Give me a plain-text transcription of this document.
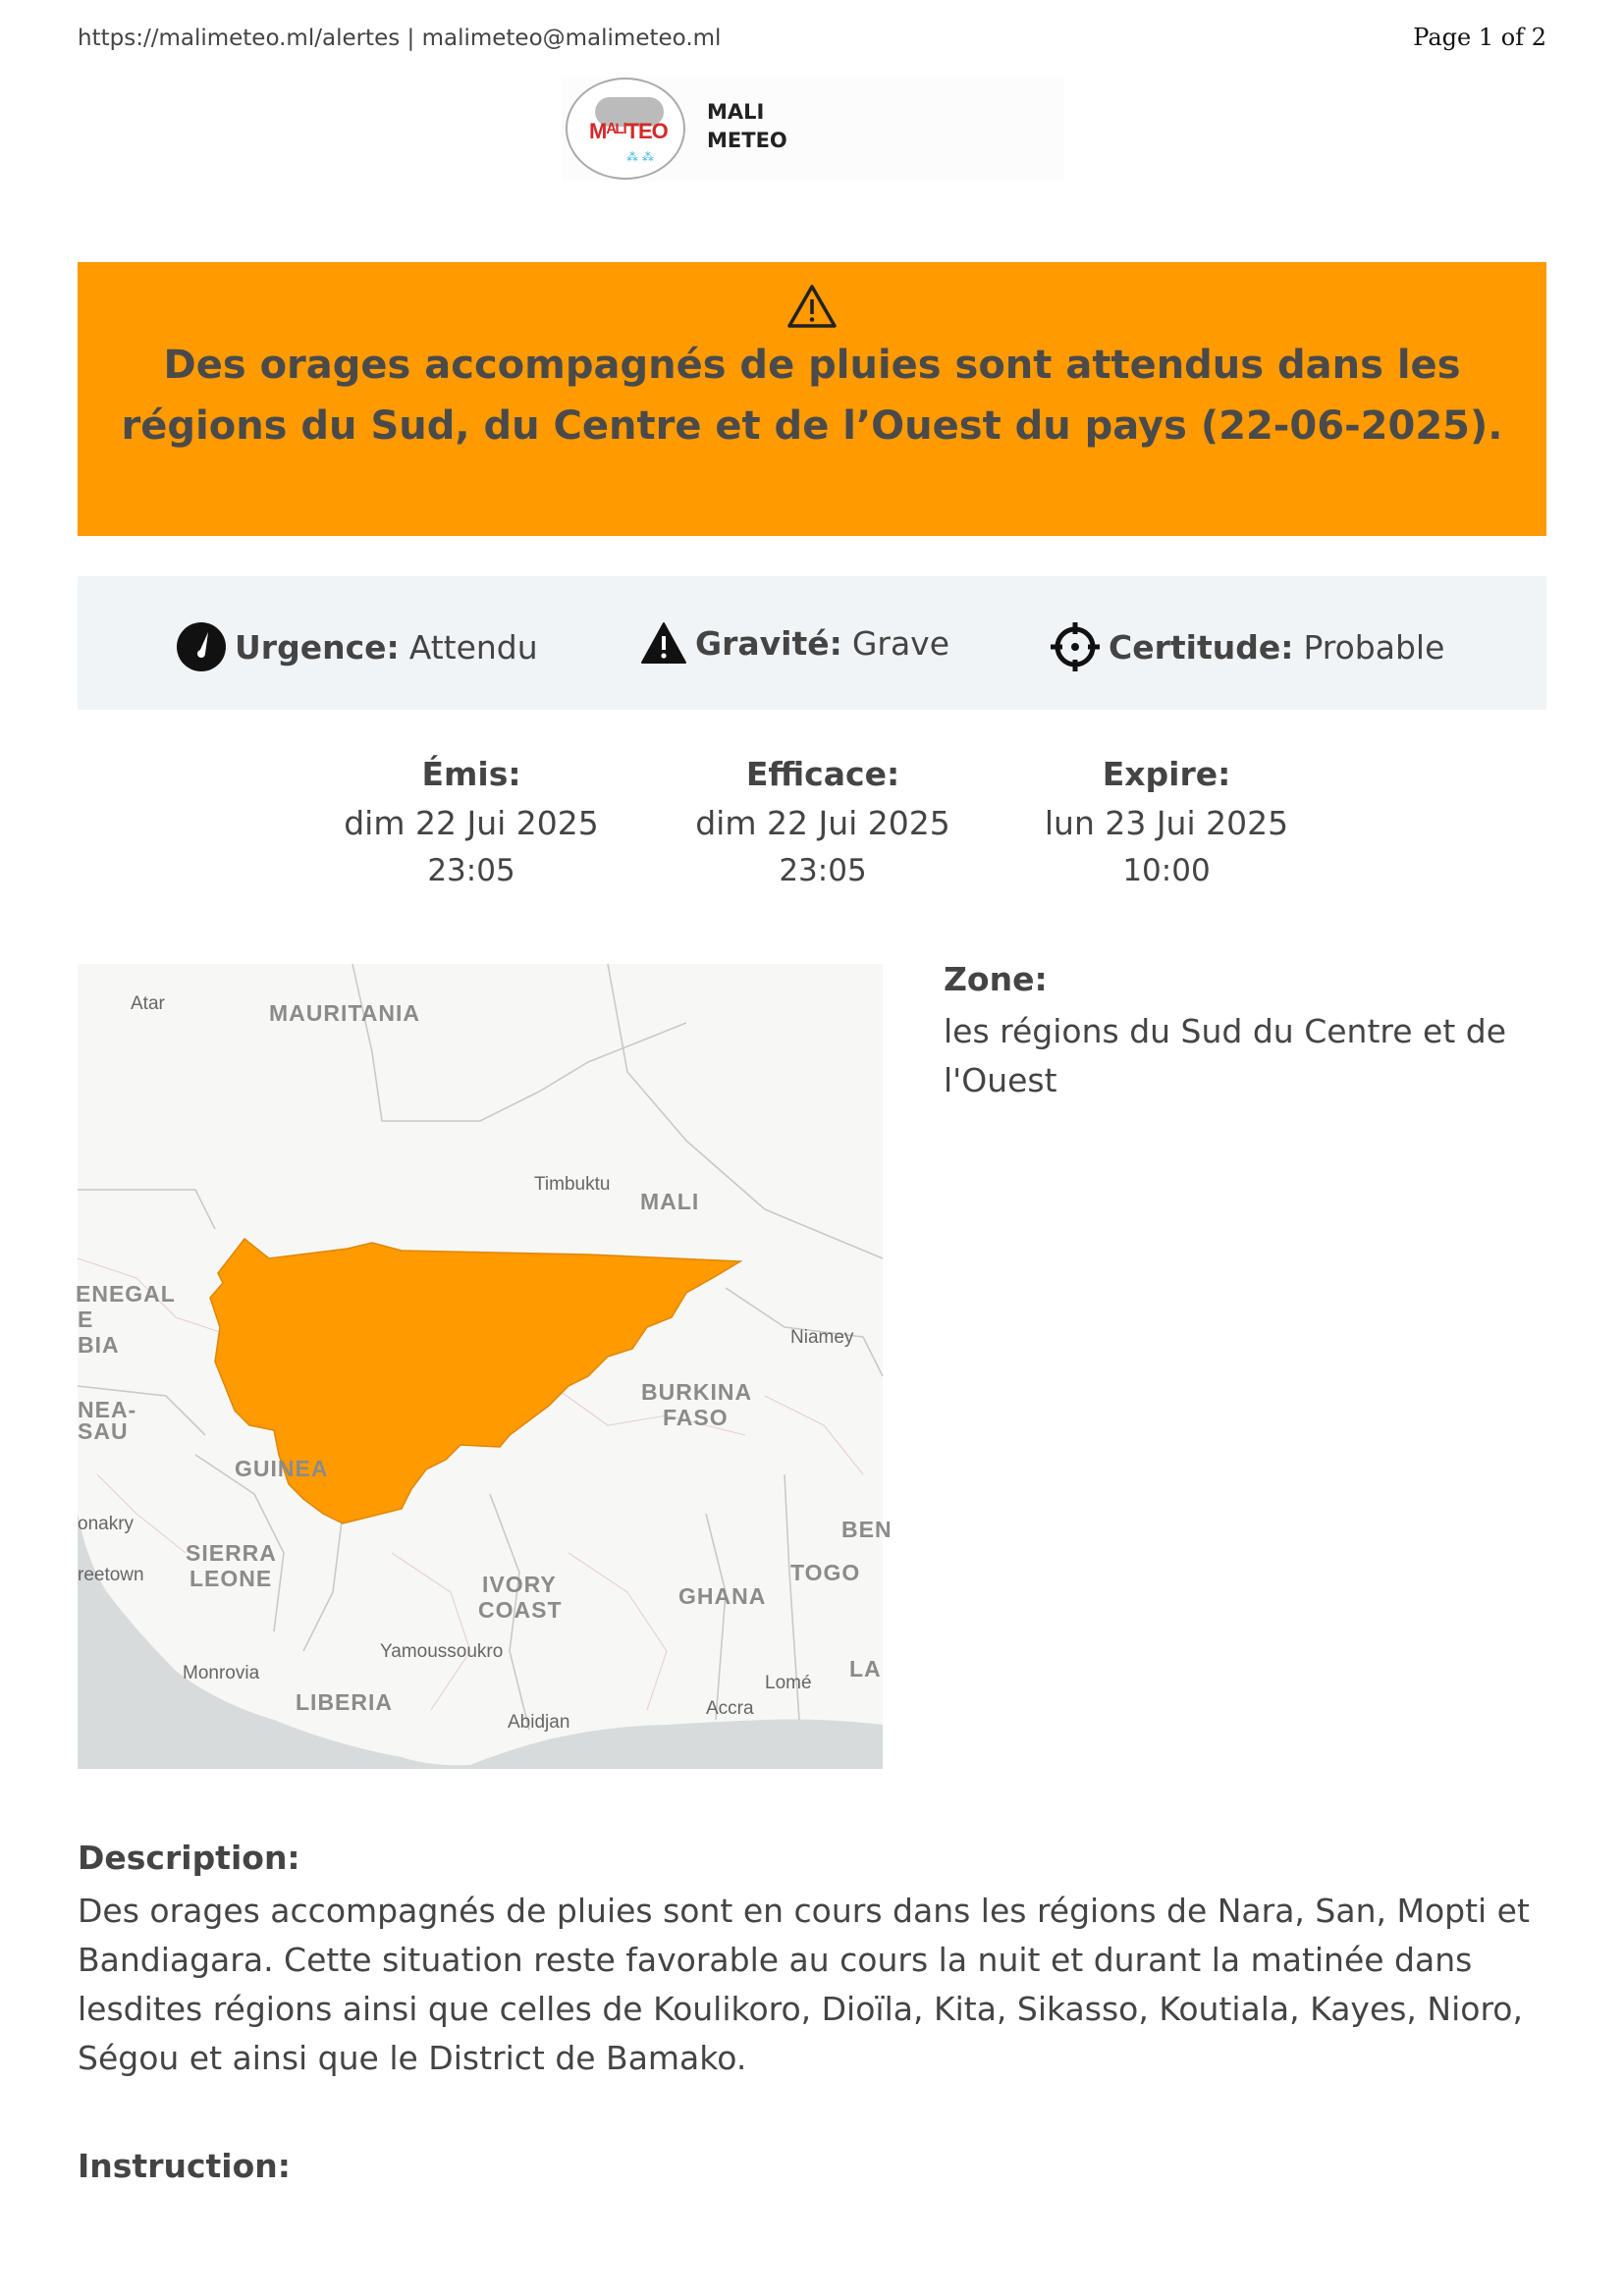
https://malimeteo.ml/alertes | malimeteo@malimeteo.ml	Page 1 of 2
MᴬᴸᴵTEO
⁂ ⁂
MALI
METEO
Des orages accompagnés de pluies sont attendus dans les régions du Sud, du Centre et de l’Ouest du pays (22-06-2025).
Urgence: Attendu	Gravité: Grave	Certitude: Probable
Émis:
dim 22 Jui 2025
23:05
Efficace:
dim 22 Jui 2025
23:05
Expire:
lun 23 Jui 2025
10:00
Atar	MAURITANIA
Timbuktu
MALI
ENEGAL
E
BIA	Niamey
NEA-
SAU
BURKINA
FASO
GUINEA
onakry
SIERRA
LEONE
reetown	IVORY
COAST
GHANA
TOGO
BEN
Monrovia
Yamoussoukro
LIBERIA
Lomé
LA
Accra
Abidjan
Zone:
les régions du Sud du Centre et de l'Ouest
Description:
Des orages accompagnés de pluies sont en cours dans les régions de Nara, San, Mopti et Bandiagara. Cette situation reste favorable au cours la nuit et durant la matinée dans lesdites régions ainsi que celles de Koulikoro, Dioïla, Kita, Sikasso, Koutiala, Kayes, Nioro, Ségou et ainsi que le District de Bamako.
Instruction:
